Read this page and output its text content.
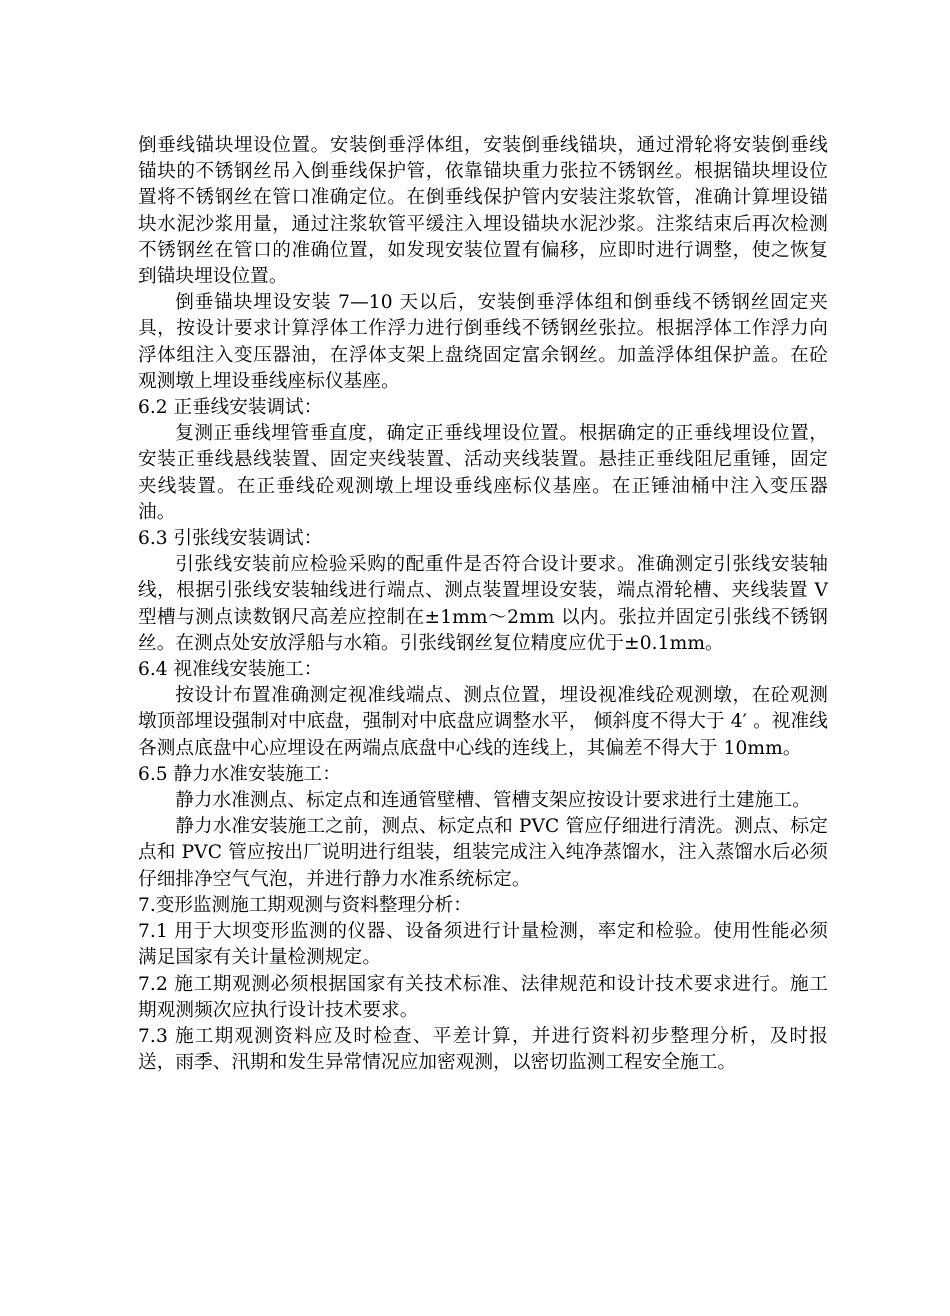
倒垂线锚块埋设位置。安装倒垂浮体组，安装倒垂线锚块，通过滑轮将安装倒垂线锚块的不锈钢丝吊入倒垂线保护管，依靠锚块重力张拉不锈钢丝。根据锚块埋设位置将不锈钢丝在管口准确定位。在倒垂线保护管内安装注浆软管，准确计算埋设锚块水泥沙浆用量，通过注浆软管平缓注入埋设锚块水泥沙浆。注浆结束后再次检测不锈钢丝在管口的准确位置，如发现安装位置有偏移，应即时进行调整，使之恢复到锚块埋设位置。

倒垂锚块埋设安装 7—10 天以后，安装倒垂浮体组和倒垂线不锈钢丝固定夹具，按设计要求计算浮体工作浮力进行倒垂线不锈钢丝张拉。根据浮体工作浮力向浮体组注入变压器油，在浮体支架上盘绕固定富余钢丝。加盖浮体组保护盖。在砼观测墩上埋设垂线座标仪基座。

6.2 正垂线安装调试：

复测正垂线埋管垂直度，确定正垂线埋设位置。根据确定的正垂线埋设位置，安装正垂线悬线装置、固定夹线装置、活动夹线装置。悬挂正垂线阻尼重锤，固定夹线装置。在正垂线砼观测墩上埋设垂线座标仪基座。在正锤油桶中注入变压器油。

6.3 引张线安装调试：

引张线安装前应检验采购的配重件是否符合设计要求。准确测定引张线安装轴线，根据引张线安装轴线进行端点、测点装置埋设安装，端点滑轮槽、夹线装置 V 型槽与测点读数钢尺高差应控制在±1mm～2mm 以内。张拉并固定引张线不锈钢丝。在测点处安放浮船与水箱。引张线钢丝复位精度应优于±0.1mm。

6.4 视准线安装施工：

按设计布置准确测定视准线端点、测点位置，埋设视准线砼观测墩，在砼观测墩顶部埋设强制对中底盘，强制对中底盘应调整水平， 倾斜度不得大于 4′ 。视准线各测点底盘中心应埋设在两端点底盘中心线的连线上，其偏差不得大于 10mm。

6.5 静力水准安装施工：

静力水准测点、标定点和连通管壁槽、管槽支架应按设计要求进行土建施工。

静力水准安装施工之前，测点、标定点和 PVC 管应仔细进行清洗。测点、标定点和 PVC 管应按出厂说明进行组装，组装完成注入纯净蒸馏水，注入蒸馏水后必须仔细排净空气气泡，并进行静力水准系统标定。

7.变形监测施工期观测与资料整理分析：

7.1 用于大坝变形监测的仪器、设备须进行计量检测，率定和检验。使用性能必须满足国家有关计量检测规定。

7.2 施工期观测必须根据国家有关技术标准、法律规范和设计技术要求进行。施工期观测频次应执行设计技术要求。

7.3 施工期观测资料应及时检查、平差计算，并进行资料初步整理分析，及时报送，雨季、汛期和发生异常情况应加密观测，以密切监测工程安全施工。
